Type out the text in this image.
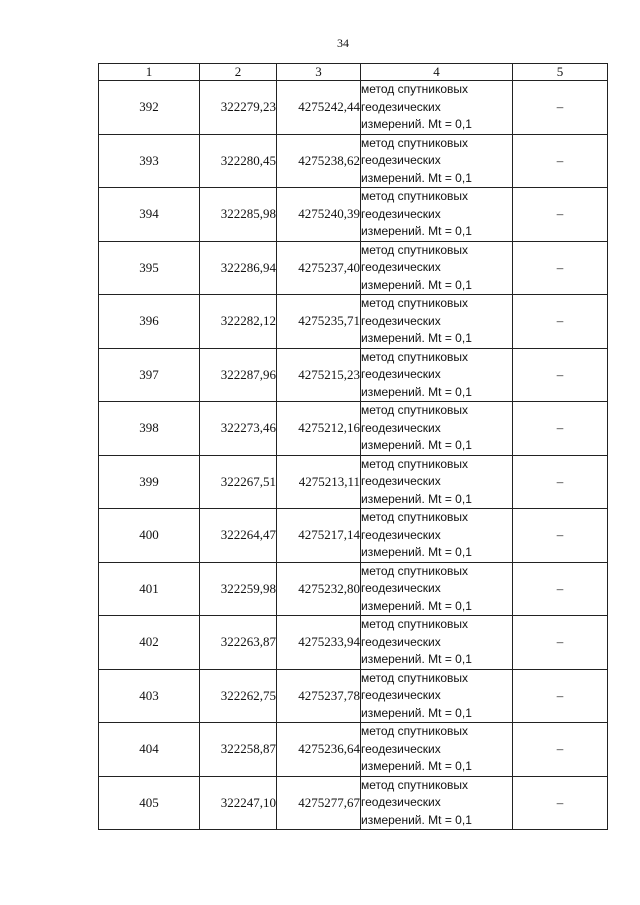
34
1	2	3	4	5
392	322279,23	4275242,44	метод спутниковых
геодезических
измерений. Mt = 0,1	–
393	322280,45	4275238,62	метод спутниковых
геодезических
измерений. Mt = 0,1	–
394	322285,98	4275240,39	метод спутниковых
геодезических
измерений. Mt = 0,1	–
395	322286,94	4275237,40	метод спутниковых
геодезических
измерений. Mt = 0,1	–
396	322282,12	4275235,71	метод спутниковых
геодезических
измерений. Mt = 0,1	–
397	322287,96	4275215,23	метод спутниковых
геодезических
измерений. Mt = 0,1	–
398	322273,46	4275212,16	метод спутниковых
геодезических
измерений. Mt = 0,1	–
399	322267,51	4275213,11	метод спутниковых
геодезических
измерений. Mt = 0,1	–
400	322264,47	4275217,14	метод спутниковых
геодезических
измерений. Mt = 0,1	–
401	322259,98	4275232,80	метод спутниковых
геодезических
измерений. Mt = 0,1	–
402	322263,87	4275233,94	метод спутниковых
геодезических
измерений. Mt = 0,1	–
403	322262,75	4275237,78	метод спутниковых
геодезических
измерений. Mt = 0,1	–
404	322258,87	4275236,64	метод спутниковых
геодезических
измерений. Mt = 0,1	–
405	322247,10	4275277,67	метод спутниковых
геодезических
измерений. Mt = 0,1	–
